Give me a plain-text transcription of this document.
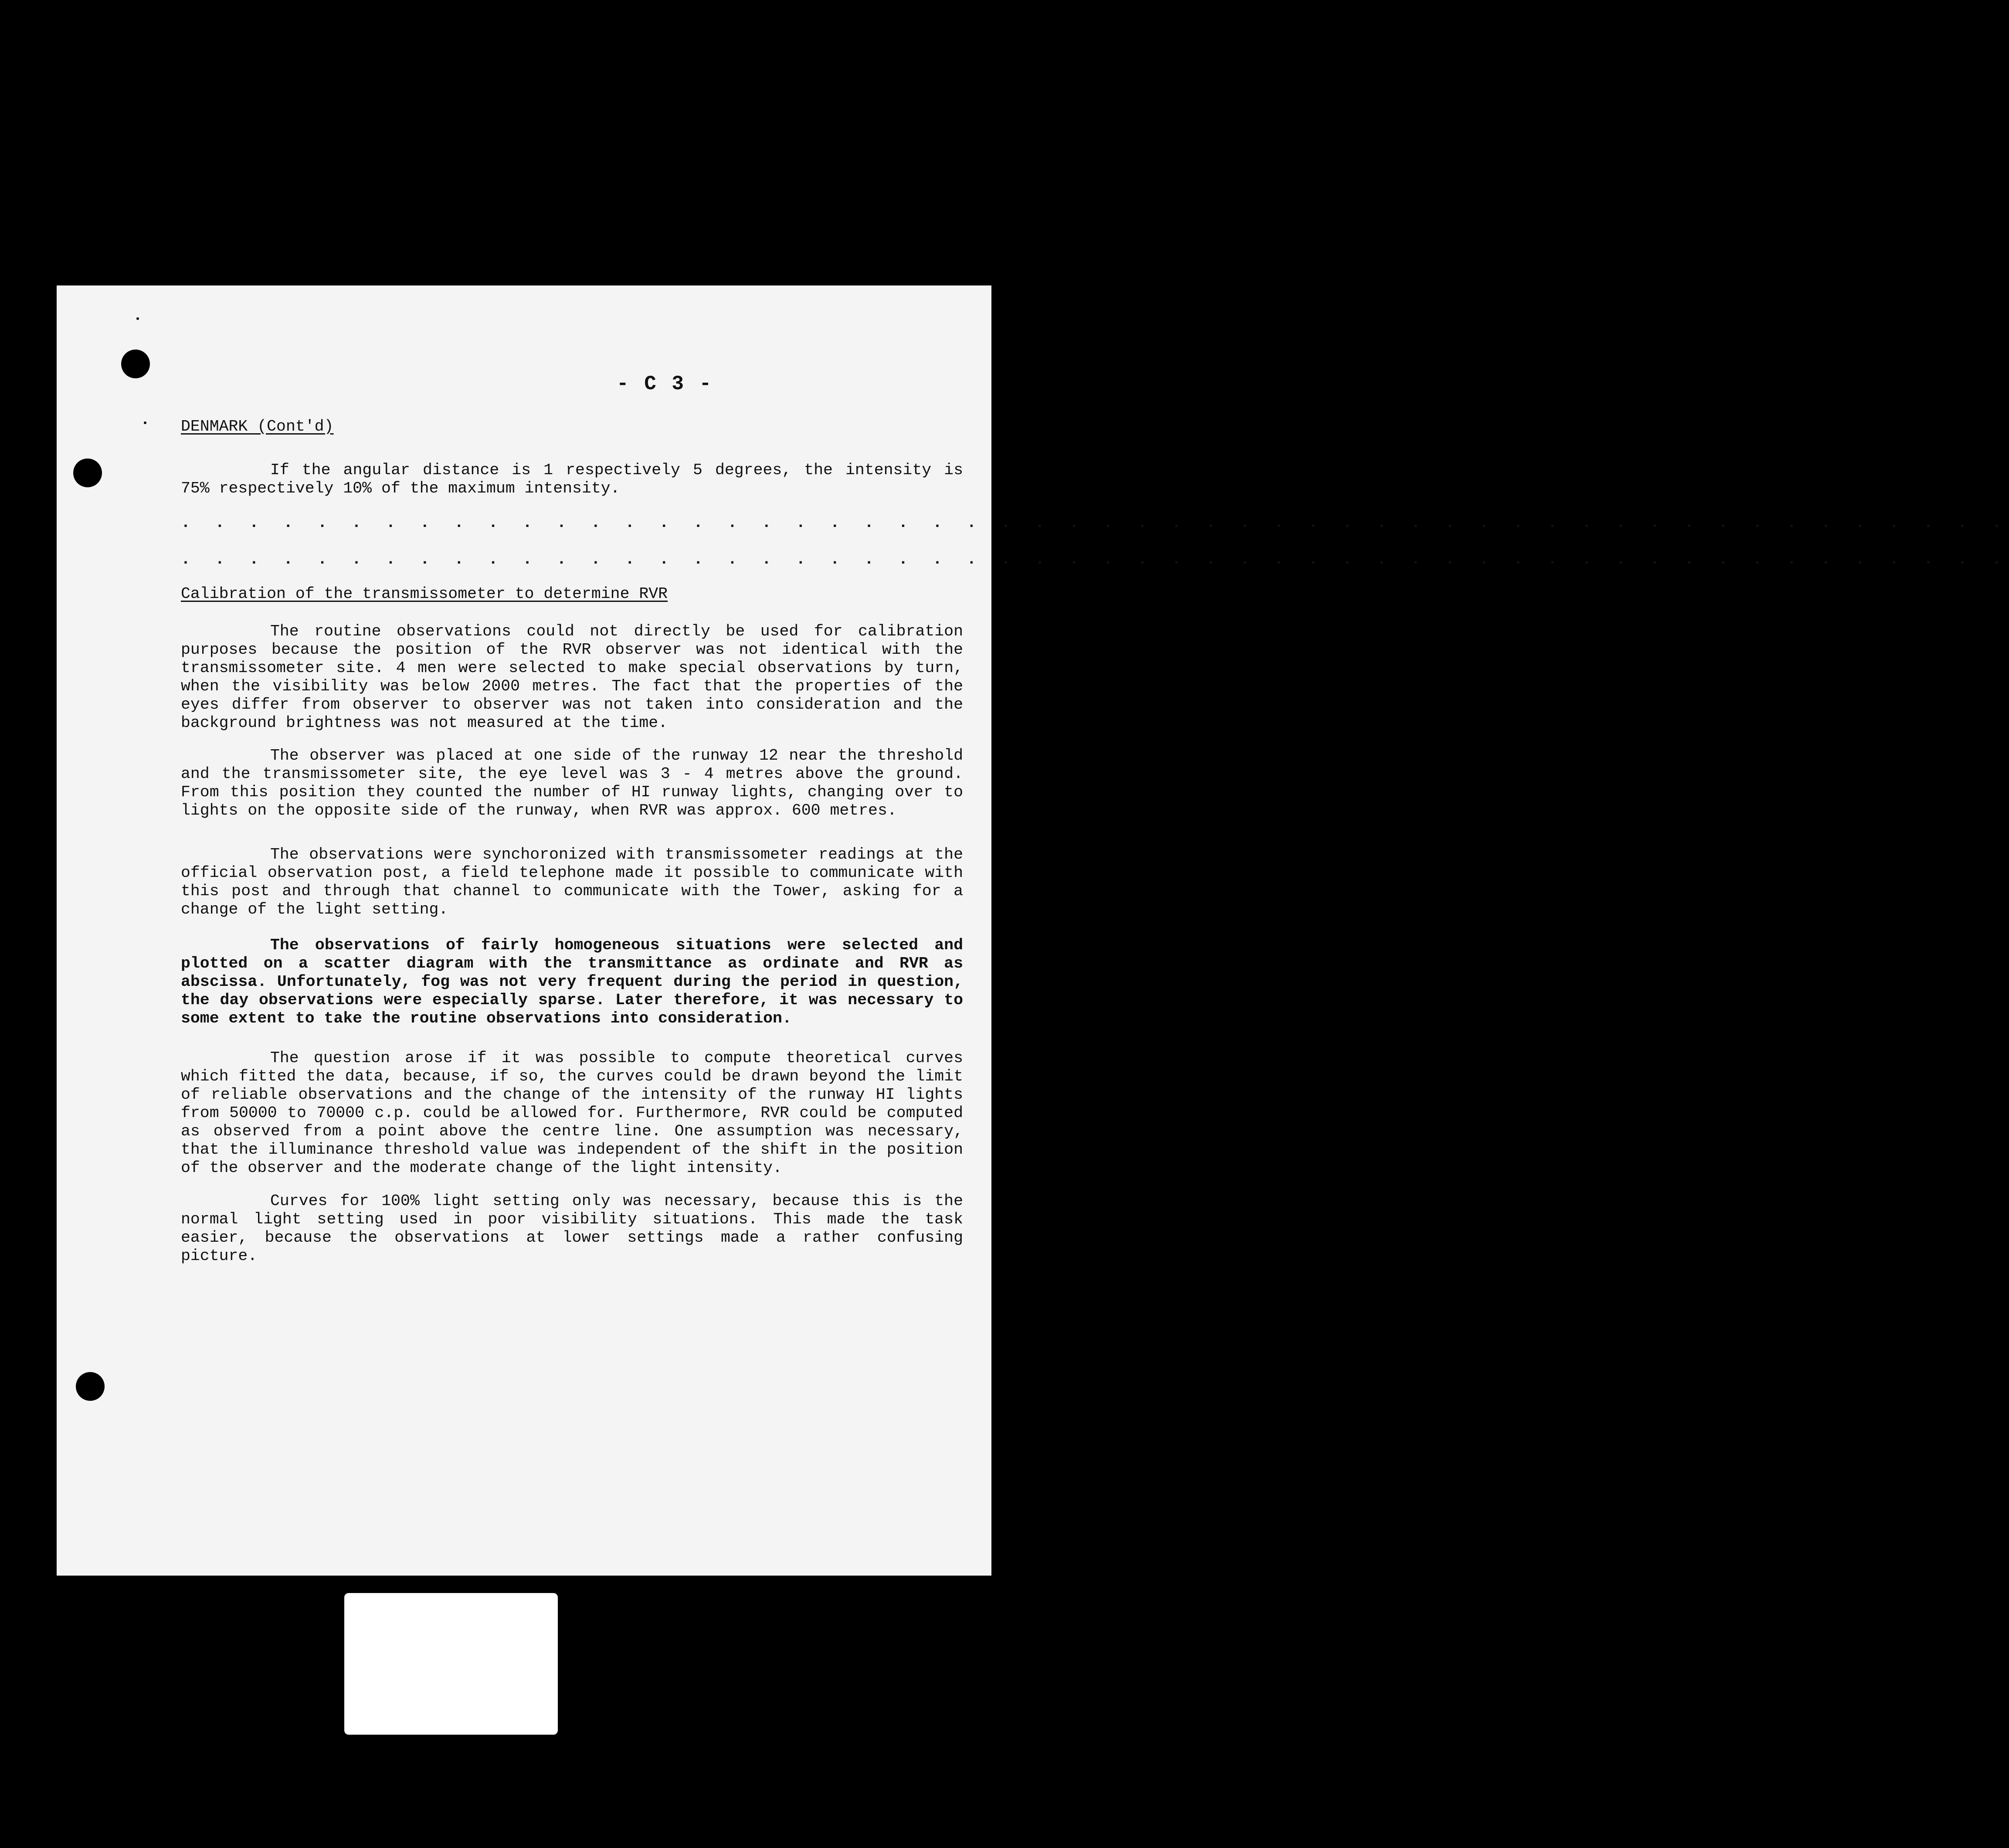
- C 3 -
DENMARK (Cont'd)

If the angular distance is 1 respectively 5 degrees, the intensity is 75% respectively 10% of the maximum intensity.

. . . . . . . . . . . . . . . . . . . . . . . . . . . . . . . . . . . . . . . . . . . . . . . . . . . . . .
. . . . . . . . . . . . . . . . . . . . . . . . . . . . . . . . . . . . . . . . . . . . . . . . . . . . . .
Calibration of the transmissometer to determine RVR

The routine observations could not directly be used for calibration purposes because the position of the RVR observer was not identical with the transmissometer site. 4 men were selected to make special observations by turn, when the visibility was below 2000 metres. The fact that the properties of the eyes differ from observer to observer was not taken into consideration and the background brightness was not measured at the time.

The observer was placed at one side of the runway 12 near the threshold and the transmissometer site, the eye level was 3 - 4 metres above the ground. From this position they counted the number of HI runway lights, changing over to lights on the opposite side of the runway, when RVR was approx. 600 metres.

The observations were synchoronized with transmissometer readings at the official observation post, a field telephone made it possible to communicate with this post and through that channel to communicate with the Tower, asking for a change of the light setting.

The observations of fairly homogeneous situations were selected and plotted on a scatter diagram with the transmittance as ordinate and RVR as abscissa. Unfortunately, fog was not very frequent during the period in question, the day observations were especially sparse. Later therefore, it was necessary to some extent to take the routine observations into consideration.

The question arose if it was possible to compute theoretical curves which fitted the data, because, if so, the curves could be drawn beyond the limit of reliable observations and the change of the intensity of the runway HI lights from 50000 to 70000 c.p. could be allowed for. Furthermore, RVR could be computed as observed from a point above the centre line. One assumption was necessary, that the illuminance threshold value was independent of the shift in the position of the observer and the moderate change of the light intensity.

Curves for 100% light setting only was necessary, because this is the normal light setting used in poor visibility situations. This made the task easier, because the observations at lower settings made a rather confusing picture.
